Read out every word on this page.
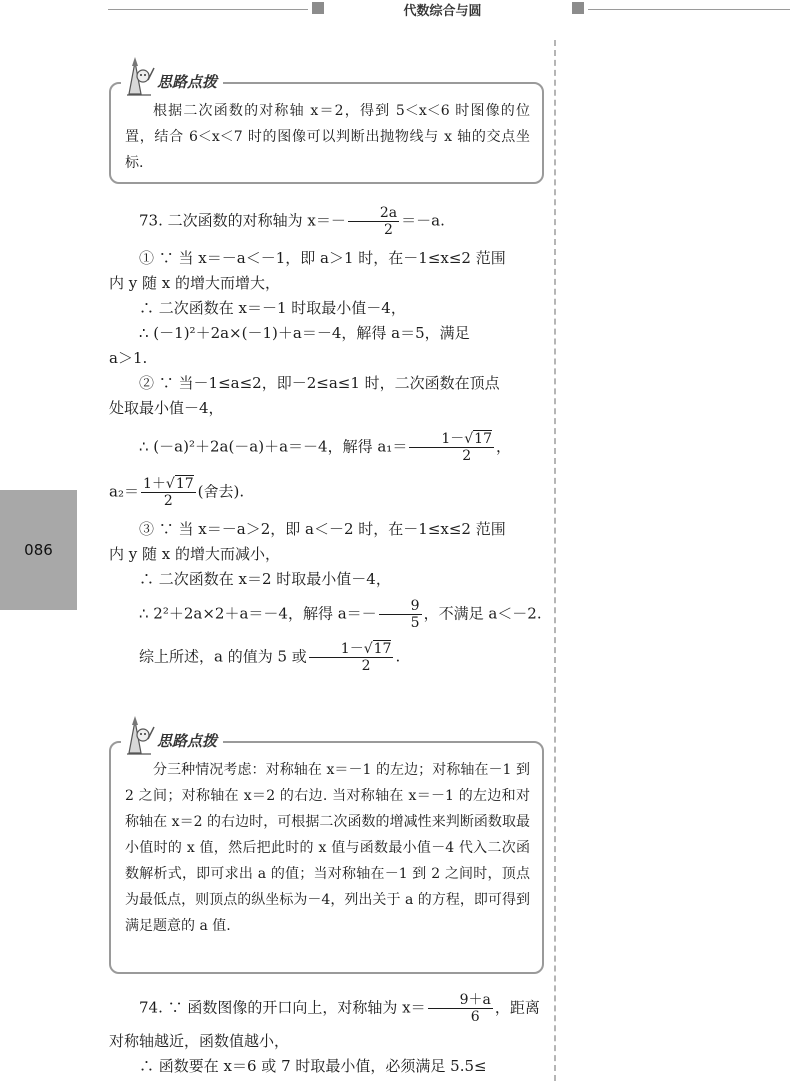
代数综合与圆
086

根据二次函数的对称轴 x＝2，得到 5＜x＜6 时图像的位置，结合 6＜x＜7 时的图像可以判断出抛物线与 x 轴的交点坐标.

思路点拨

73. 二次函数的对称轴为 $x=- \frac{2a}{2} =-a$.

① ∵ 当 x＝－a＜－1，即 a＞1 时，在－1≤x≤2 范围

内 y 随 x 的增大而增大，

∴ 二次函数在 x＝－1 时取最小值－4，

∴ (－1)²＋2a×(－1)＋a＝－4，解得 a＝5，满足

a＞1.

② ∵ 当－1≤a≤2，即－2≤a≤1 时，二次函数在顶点

处取最小值－4，

∴ (－a)²＋2a(－a)＋a＝－4，解得 $a_1= \frac{1-√17}{2}$ ，

$a_2= \frac{1+√17}{2}$ (舍去).

③ ∵ 当 x＝－a＞2，即 a＜－2 时，在－1≤x≤2 范围

内 y 随 x 的增大而减小，

∴ 二次函数在 x＝2 时取最小值－4，

∴ 2²＋2a×2＋a＝－4，解得 $a=- \frac{9}{5}$ ，不满足 a＜－2.

综上所述，a 的值为 5 或 $\frac{1-√17}{2}$ .

分三种情况考虑：对称轴在 x＝－1 的左边；对称轴在－1 到 2 之间；对称轴在 x＝2 的右边. 当对称轴在 x＝－1 的左边和对称轴在 x＝2 的右边时，可根据二次函数的增减性来判断函数取最小值时的 x 值，然后把此时的 x 值与函数最小值－4 代入二次函数解析式，即可求出 a 的值；当对称轴在－1 到 2 之间时，顶点为最低点，则顶点的纵坐标为－4，列出关于 a 的方程，即可得到满足题意的 a 值.

思路点拨

74. ∵ 函数图像的开口向上，对称轴为 $x= \frac{9+a}{6}$ ，距离

对称轴越近，函数值越小，

∴ 函数要在 x＝6 或 7 时取最小值，必须满足 5.5≤
